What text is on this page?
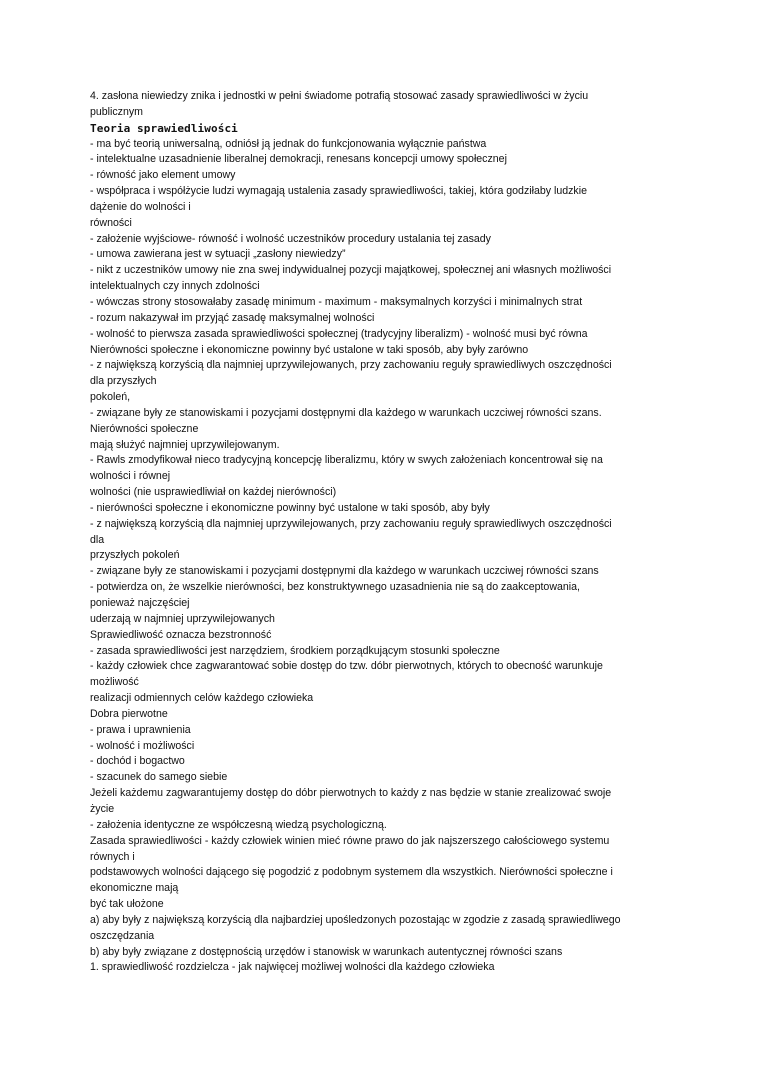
4. zasłona niewiedzy znika i jednostki w pełni świadome potrafią stosować zasady sprawiedliwości w życiu
publicznym
Teoria sprawiedliwości
- ma być teorią uniwersalną, odniósł ją jednak do funkcjonowania wyłącznie państwa
- intelektualne uzasadnienie liberalnej demokracji, renesans koncepcji umowy społecznej
- równość jako element umowy
- współpraca i współżycie ludzi wymagają ustalenia zasady sprawiedliwości, takiej, która godziłaby ludzkie
dążenie do wolności i
równości
- założenie wyjściowe- równość i wolność uczestników procedury ustalania tej zasady
- umowa zawierana jest w sytuacji „zasłony niewiedzy”
- nikt z uczestników umowy nie zna swej indywidualnej pozycji majątkowej, społecznej ani własnych możliwości
intelektualnych czy innych zdolności
- wówczas strony stosowałaby zasadę minimum - maximum - maksymalnych korzyści i minimalnych strat
- rozum nakazywał im przyjąć zasadę maksymalnej wolności
- wolność to pierwsza zasada sprawiedliwości społecznej (tradycyjny liberalizm) - wolność musi być równa
Nierówności społeczne i ekonomiczne powinny być ustalone w taki sposób, aby były zarówno
- z największą korzyścią dla najmniej uprzywilejowanych, przy zachowaniu reguły sprawiedliwych oszczędności
dla przyszłych
pokoleń,
- związane były ze stanowiskami i pozycjami dostępnymi dla każdego w warunkach uczciwej równości szans.
Nierówności społeczne
mają służyć najmniej uprzywilejowanym.
- Rawls zmodyfikował nieco tradycyjną koncepcję liberalizmu, który w swych założeniach koncentrował się na
wolności i równej
wolności (nie usprawiedliwiał on każdej nierówności)
- nierówności społeczne i ekonomiczne powinny być ustalone w taki sposób, aby były
- z największą korzyścią dla najmniej uprzywilejowanych, przy zachowaniu reguły sprawiedliwych oszczędności
dla
przyszłych pokoleń
- związane były ze stanowiskami i pozycjami dostępnymi dla każdego w warunkach uczciwej równości szans
- potwierdza on, że wszelkie nierówności, bez konstruktywnego uzasadnienia nie są do zaakceptowania,
ponieważ najczęściej
uderzają w najmniej uprzywilejowanych
Sprawiedliwość oznacza bezstronność
- zasada sprawiedliwości jest narzędziem, środkiem porządkującym stosunki społeczne
- każdy człowiek chce zagwarantować sobie dostęp do tzw. dóbr pierwotnych, których to obecność warunkuje
możliwość
realizacji odmiennych celów każdego człowieka
Dobra pierwotne
- prawa i uprawnienia
- wolność i możliwości
- dochód i bogactwo
- szacunek do samego siebie
Jeżeli każdemu zagwarantujemy dostęp do dóbr pierwotnych to każdy z nas będzie w stanie zrealizować swoje
życie
- założenia identyczne ze współczesną wiedzą psychologiczną.
Zasada sprawiedliwości - każdy człowiek winien mieć równe prawo do jak najszerszego całościowego systemu
równych i
podstawowych wolności dającego się pogodzić z podobnym systemem dla wszystkich. Nierówności społeczne i
ekonomiczne mają
być tak ułożone
a) aby były z największą korzyścią dla najbardziej upośledzonych pozostając w zgodzie z zasadą sprawiedliwego
oszczędzania
b) aby były związane z dostępnością urzędów i stanowisk w warunkach autentycznej równości szans
1. sprawiedliwość rozdzielcza - jak najwięcej możliwej wolności dla każdego człowieka
